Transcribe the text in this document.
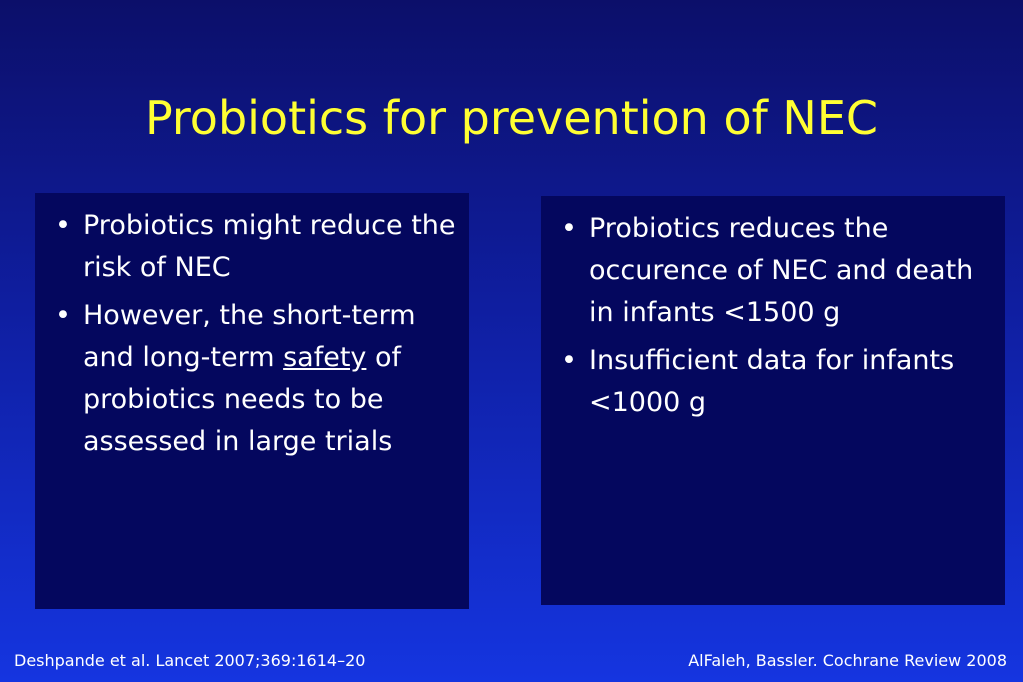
Probiotics for prevention of NEC
• Probiotics might reduce the risk of NEC
• However, the short-term and long-term safety of probiotics needs to be assessed in large trials
• Probiotics reduces the occurence of NEC and death in infants <1500 g
• Insufficient data for infants <1000 g
Deshpande et al. Lancet 2007;369:1614–20	AlFaleh, Bassler. Cochrane Review 2008
